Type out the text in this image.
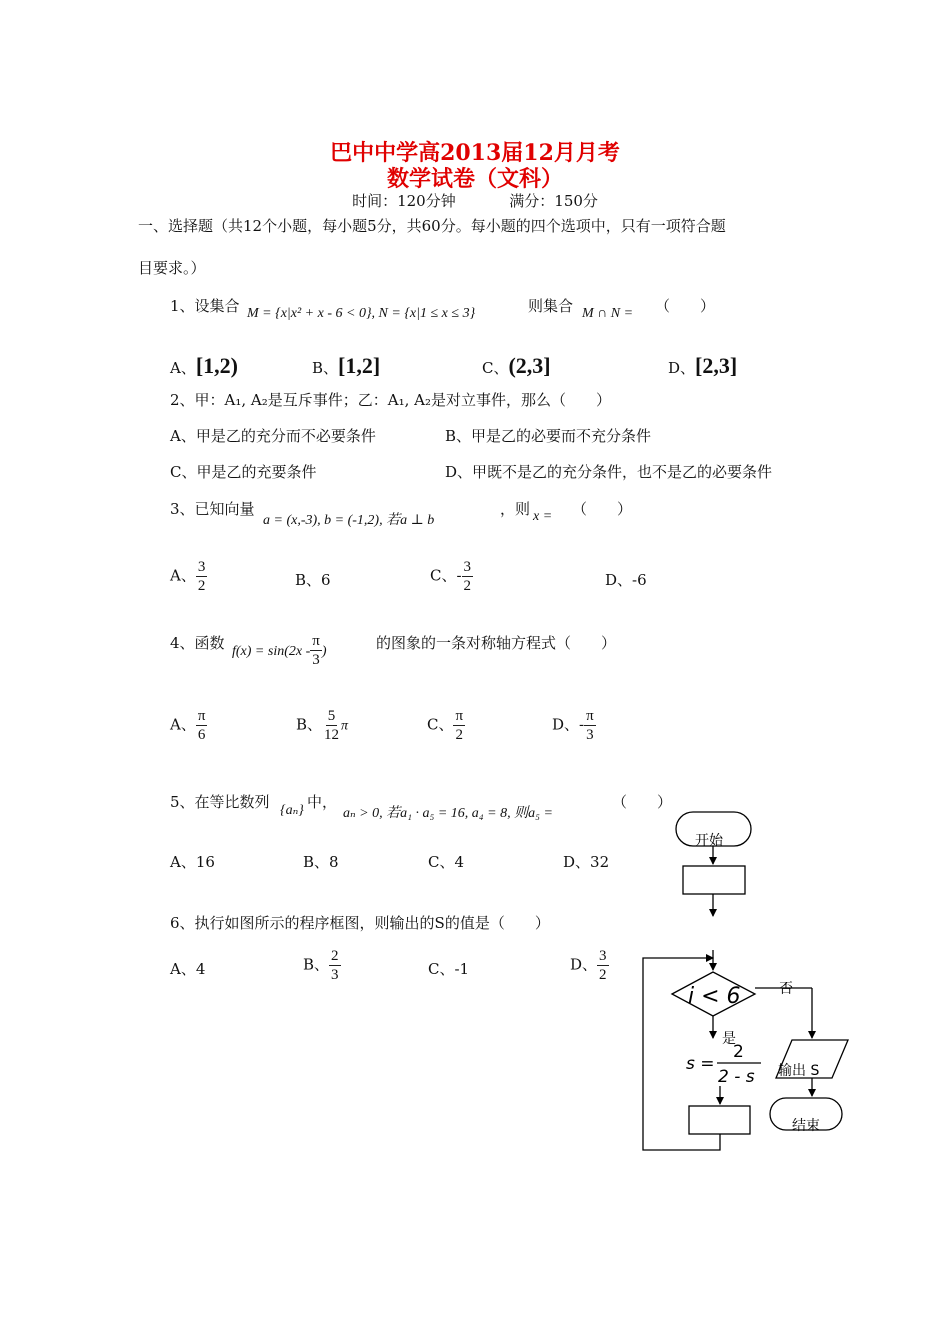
巴中中学高2013届12月月考
数学试卷（文科）
时间：120分钟	满分：150分
一、选择题（共12个小题，每小题5分，共60分。每小题的四个选项中，只有一项符合题
目要求。）
1、设集合 M = {x|x² + x - 6 < 0}, N = {x|1 ≤ x ≤ 3}	则集合 M ∩ N = （　　）
A、[1,2)	B、[1,2]	C、(2,3]	D、[2,3]
2、甲：A₁, A₂是互斥事件；乙：A₁, A₂是对立事件，那么（　　）
A、甲是乙的充分而不必要条件	B、甲是乙的必要而不充分条件
C、甲是乙的充要条件	D、甲既不是乙的充分条件，也不是乙的必要条件
3、已知向量
a = (x,-3), b = (-1,2), 若a ⊥ b
，则 x = （　　）
A、 $\frac{3}{2}$	B、6	C、- $\frac{3}{2}$	D、-6
4、函数 $f(x) = \sin(2x - \frac{\pi}{3}$ )	的图象的一条对称轴方程式（　　）
A、 $\frac{\pi}{6}$	B、 $\frac{5}{12}$ π	C、 $\frac{\pi}{2}$	D、- $\frac{\pi}{3}$
5、在等比数列 {aₙ} 中，
aₙ > 0, 若a₁ · a₅ = 16, a₄ = 8, 则a₅ =
（　　）
A、16	B、8	C、4	D、32
6、执行如图所示的程序框图，则输出的S的值是（　　）
A、4	B、 $\frac{2}{3}$	C、-1	D、 $\frac{3}{2}$
开始
i < 6	否
是
s =
2
2 - s 输出 S
结束
